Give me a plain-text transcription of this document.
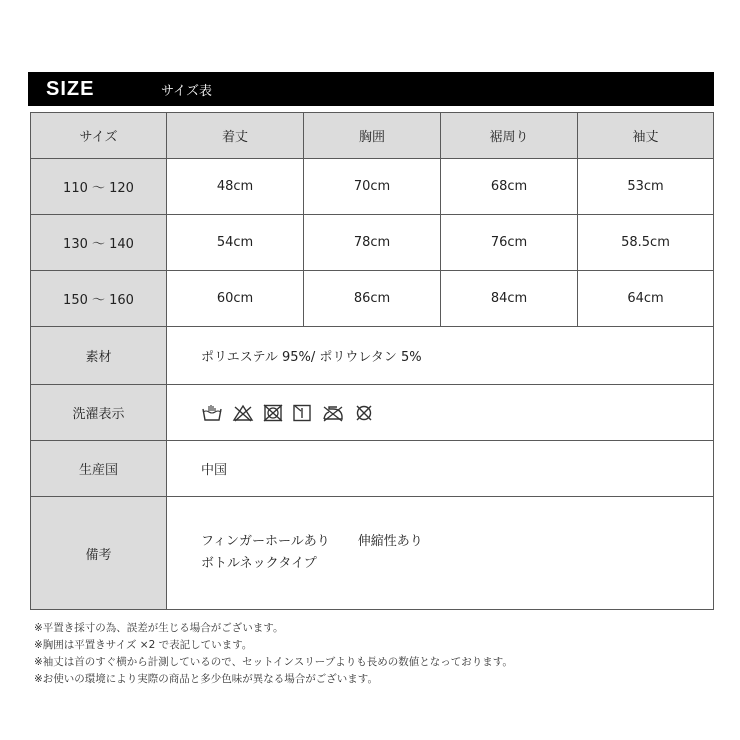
SIZE	サイズ表
サイズ	着丈	胸囲	裾周り	袖丈
110 ～ 120	48cm	70cm	68cm	53cm
130 ～ 140	54cm	78cm	76cm	58.5cm
150 ～ 160	60cm	86cm	84cm	64cm
素材	ポリエステル 95%/ ポリウレタン 5%			
洗濯表示	

生産国	中国			
備考	フィンガーホールあり 伸縮性あり
ボトルネックタイプ			
※平置き採寸の為、誤差が生じる場合がございます。
※胸囲は平置きサイズ ×2 で表記しています。
※袖丈は首のすぐ横から計測しているので、セットインスリーブよりも長めの数値となっております。
※お使いの環境により実際の商品と多少色味が異なる場合がございます。
